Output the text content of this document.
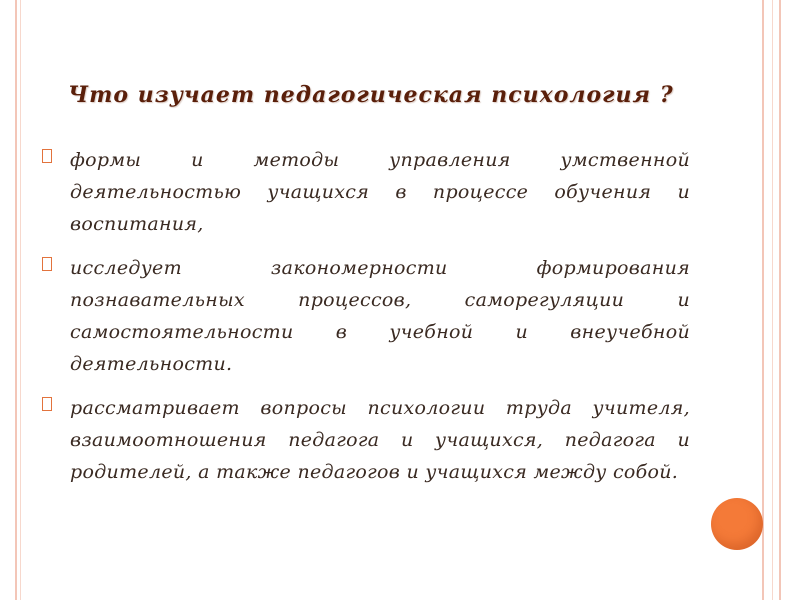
Что изучает педагогическая психология ?
формы и методы управления умственной деятельностью учащихся в процессе обучения и воспитания,
исследует закономерности формирования познавательных процессов, саморегуляции и самостоятельности в учебной и внеучебной деятельности.
рассматривает вопросы психологии труда учителя, взаимоотношения педагога и учащихся, педагога и родителей, а также педагогов и учащихся между собой.
